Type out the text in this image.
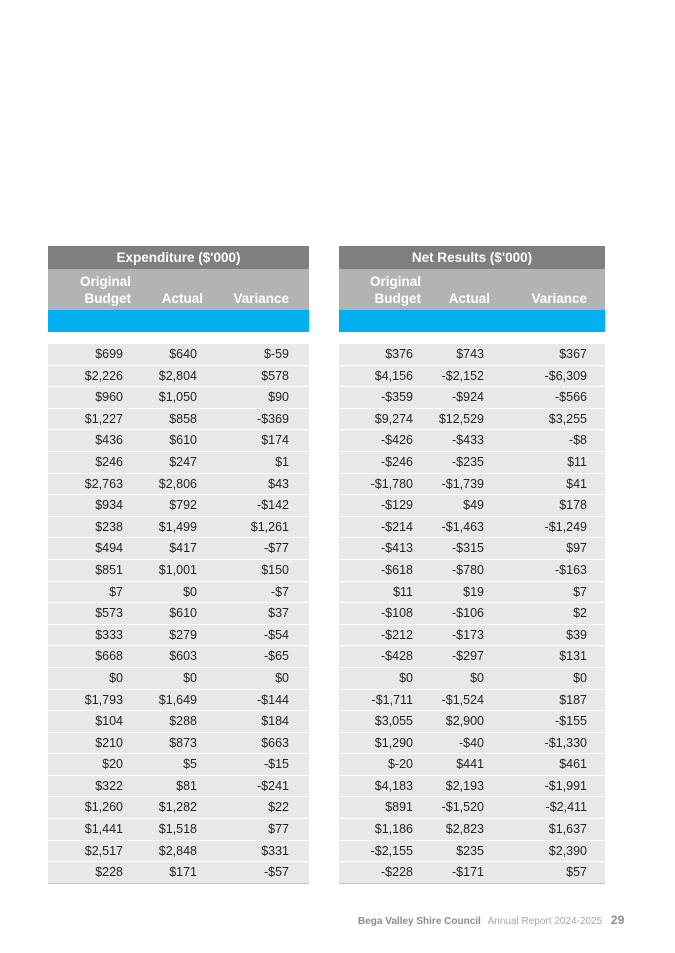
Expenditure ($'000)
Original
Budget	Actual	Variance
$699	$640	$-59
$2,226	$2,804	$578
$960	$1,050	$90
$1,227	$858	-$369
$436	$610	$174
$246	$247	$1
$2,763	$2,806	$43
$934	$792	-$142
$238	$1,499	$1,261
$494	$417	-$77
$851	$1,001	$150
$7	$0	-$7
$573	$610	$37
$333	$279	-$54
$668	$603	-$65
$0	$0	$0
$1,793	$1,649	-$144
$104	$288	$184
$210	$873	$663
$20	$5	-$15
$322	$81	-$241
$1,260	$1,282	$22
$1,441	$1,518	$77
$2,517	$2,848	$331
$228	$171	-$57
Net Results ($'000)
Original
Budget	Actual	Variance
$376	$743	$367
$4,156	-$2,152	-$6,309
-$359	-$924	-$566
$9,274	$12,529	$3,255
-$426	-$433	-$8
-$246	-$235	$11
-$1,780	-$1,739	$41
-$129	$49	$178
-$214	-$1,463	-$1,249
-$413	-$315	$97
-$618	-$780	-$163
$11	$19	$7
-$108	-$106	$2
-$212	-$173	$39
-$428	-$297	$131
$0	$0	$0
-$1,711	-$1,524	$187
$3,055	$2,900	-$155
$1,290	-$40	-$1,330
$-20	$441	$461
$4,183	$2,193	-$1,991
$891	-$1,520	-$2,411
$1,186	$2,823	$1,637
-$2,155	$235	$2,390
-$228	-$171	$57
Bega Valley Shire Council Annual Report 2024-2025 29
